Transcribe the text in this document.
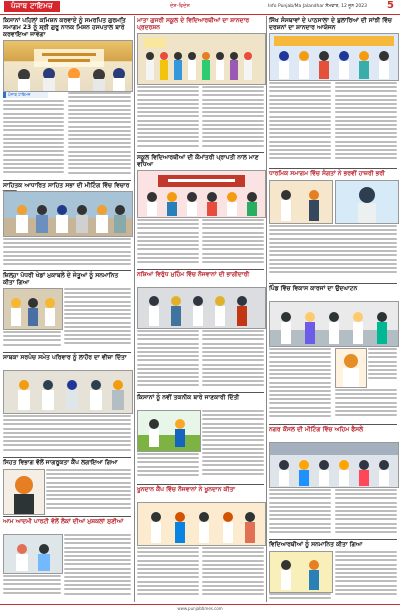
ਪੰਜਾਬ ਟਾਇਮਜ਼	ਦੇਸ਼-ਵਿਦੇਸ਼	Info Punjab/Ma Jalandhar ਸੋਮਵਾਰ, 12 ਜੂਨ 2023 5
ਕਿਸਾਨਾਂ ਪਹਿਲਾਂ ਕਮਿਸ਼ਨ ਕਰਵਾਏ ਨੂੰ ਸਮਰਪਿਤ ਗੁਰਮਤਿ ਸਮਾਗਮ 23 ਨੂੰ ਸ਼੍ਰੀ ਗੁਰੂ ਨਾਨਕ ਮਿਸ਼ਨ ਹਸਪਤਾਲ ਬਾਰੇ ਕਰਵਾਇਆ ਜਾਵੇਗਾ
ਪੰਜਾਬ ਟਾਇਮਜ਼
ਸਾਹਿਤਕ ਆਧਾਰਿਤ ਸਾਹਿਤ ਸਭਾ ਦੀ ਮੀਟਿੰਗ ਵਿੱਚ ਵਿਚਾਰ
ਜ਼ਿਲ੍ਹਾ ਪੱਧਰੀ ਖੇਡਾਂ ਮੁਕਾਬਲੇ ਦੇ ਜੇਤੂਆਂ ਨੂੰ ਸਨਮਾਨਿਤ ਕੀਤਾ ਗਿਆ
ਸਾਬਕਾ ਸਰਪੰਚ ਸਮੇਤ ਪਰਿਵਾਰ ਨੂੰ ਲਾਹੌਰ ਦਾ ਵੀਜ਼ਾ ਦਿੱਤਾ
ਸਿਹਤ ਵਿਭਾਗ ਵੱਲੋਂ ਜਾਗਰੂਕਤਾ ਕੈਂਪ ਲਗਾਇਆ ਗਿਆ
ਆਮ ਆਦਮੀ ਪਾਰਟੀ ਵੱਲੋਂ ਲੋਕਾਂ ਦੀਆਂ ਮੁਸ਼ਕਲਾਂ ਸੁਣੀਆਂ
ਮਾਤਾ ਗੁਜਰੀ ਸਕੂਲ ਦੇ ਵਿਦਿਆਰਥੀਆਂ ਦਾ ਸ਼ਾਨਦਾਰ ਪ੍ਰਦਰਸ਼ਨ
ਸਕੂਲ ਵਿਦਿਆਰਥੀਆਂ ਦੀ ਕੌਮਾਂਤਰੀ ਪ੍ਰਾਪਤੀ ਨਾਲ ਮਾਣ ਵਧਿਆ
ਨਸ਼ਿਆਂ ਵਿਰੁੱਧ ਮੁਹਿੰਮ ਵਿੱਚ ਨੌਜਵਾਨਾਂ ਦੀ ਭਾਗੀਦਾਰੀ
ਕਿਸਾਨਾਂ ਨੂੰ ਨਵੀਂ ਤਕਨੀਕ ਬਾਰੇ ਜਾਣਕਾਰੀ ਦਿੱਤੀ
ਖੂਨਦਾਨ ਕੈਂਪ ਵਿੱਚ ਨੌਜਵਾਨਾਂ ਨੇ ਖੂਨਦਾਨ ਕੀਤਾ
ਸਿੱਖ ਸੰਸਥਾਵਾਂ ਦੇ ਪਾਠਸਾਲਾ ਦੇ ਬੁਲਾਰਿਆਂ ਦੀ ਸਾਂਝੀ ਵਿੱਚ ਦਰਸ਼ਨਾਂ ਦਾ ਸ਼ਾਨਦਾਰ ਆਯੋਜਨ
ਧਾਰਮਿਕ ਸਮਾਗਮ ਵਿੱਚ ਸੰਗਤਾਂ ਨੇ ਭਰਵੀਂ ਹਾਜ਼ਰੀ ਭਰੀ
ਪਿੰਡ ਵਿੱਚ ਵਿਕਾਸ ਕਾਰਜਾਂ ਦਾ ਉਦਘਾਟਨ
ਨਗਰ ਕੌਂਸਲ ਦੀ ਮੀਟਿੰਗ ਵਿੱਚ ਅਹਿਮ ਫੈਸਲੇ
ਵਿਦਿਆਰਥੀਆਂ ਨੂੰ ਸਨਮਾਨਿਤ ਕੀਤਾ ਗਿਆ
www.punjabtimes.com
